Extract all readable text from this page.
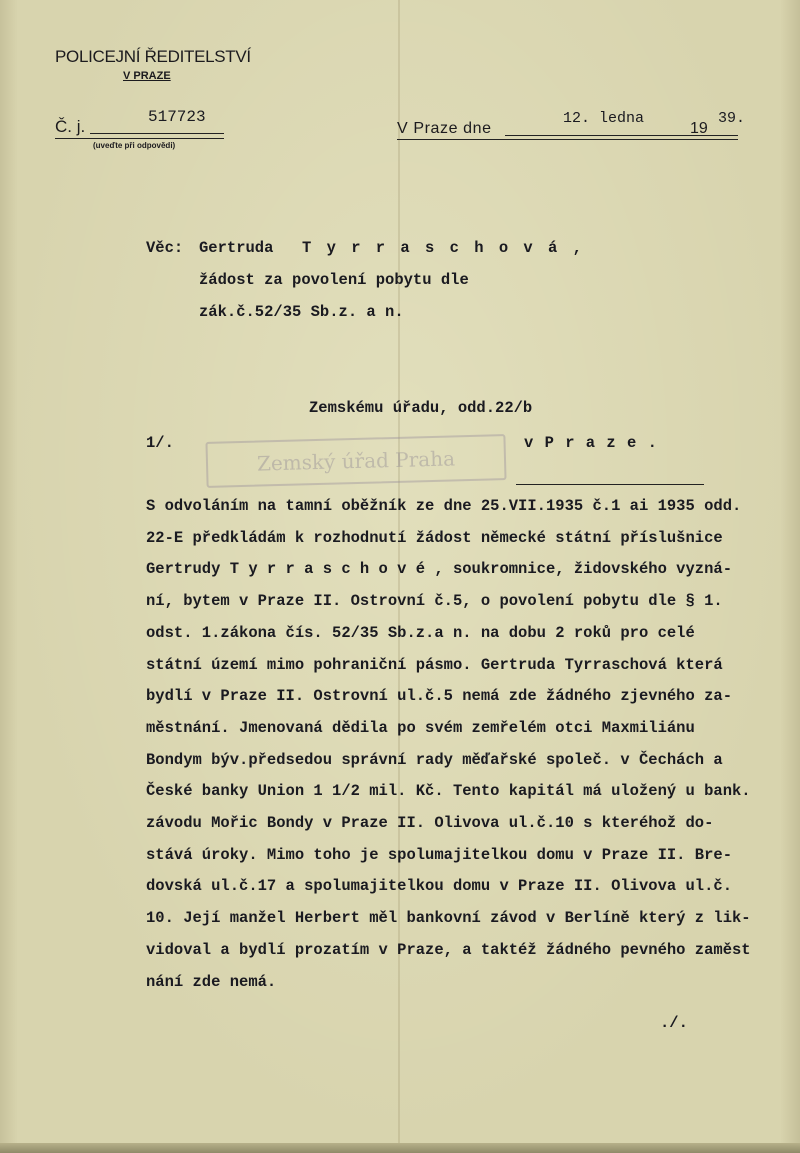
POLICEJNÍ ŘEDITELSTVÍ
V PRAZE
Č. j.	517723
(uveďte při odpovědi)
V Praze dne
12. ledna
19
39.
Věc: Gertruda T y r r a s c h o v á ,
žádost za povolení pobytu dle
zák.č.52/35 Sb.z. a n.
Zemskému úřadu, odd.22/b
1/.	v P r a z e .
Zemský úřad Praha
S odvoláním na tamní oběžník ze dne 25.VII.1935 č.1 ai 1935 odd.
22-E předkládám k rozhodnutí žádost německé státní příslušnice
Gertrudy T y r r a s c h o v é , soukromnice, židovského vyzná-
ní, bytem v Praze II. Ostrovní č.5, o povolení pobytu dle § 1.
odst. 1.zákona čís. 52/35 Sb.z.a n. na dobu 2 roků pro celé
státní území mimo pohraniční pásmo. Gertruda Tyrraschová která
bydlí v Praze II. Ostrovní ul.č.5 nemá zde žádného zjevného za-
městnání. Jmenovaná dědila po svém zemřelém otci Maxmiliánu
Bondym býv.předsedou správní rady měďařské společ. v Čechách a
České banky Union 1 1/2 mil. Kč. Tento kapitál má uložený u bank.
závodu Mořic Bondy v Praze II. Olivova ul.č.10 s kteréhož do-
stává úroky. Mimo toho je spolumajitelkou domu v Praze II. Bre-
dovská ul.č.17 a spolumajitelkou domu v Praze II. Olivova ul.č.
10. Její manžel Herbert měl bankovní závod v Berlíně který z lik-
vidoval a bydlí prozatím v Praze, a taktéž žádného pevného zaměst
nání zde nemá.
./.
